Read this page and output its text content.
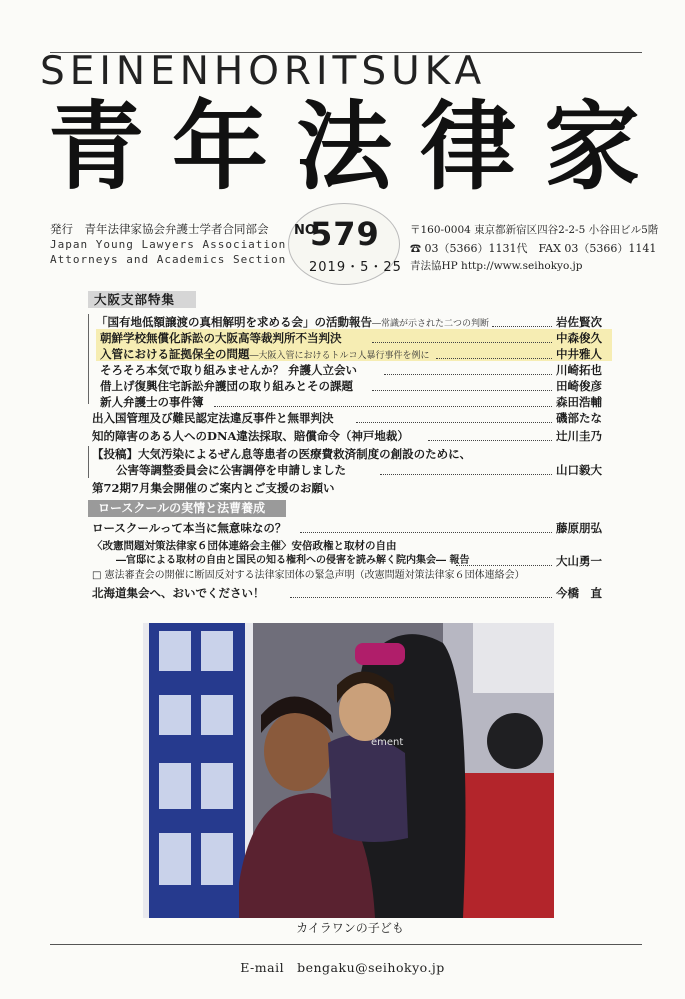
SEINENHORITSUKA
青年法律家
発行　青年法律家協会弁護士学者合同部会
Japan Young Lawyers Association
Attorneys and Academics Section
NO
579
2019・5・25
〒160-0004 東京都新宿区四谷2-2-5 小谷田ビル5階
☎ 03（5366）1131代　FAX 03（5366）1141
青法協HP http://www.seihokyo.jp
大阪支部特集
「国有地低額譲渡の真相解明を求める会」の活動報告―常識が示された二つの判断	岩佐賢次
朝鮮学校無償化訴訟の大阪高等裁判所不当判決	中森俊久
入管における証拠保全の問題―大阪入管におけるトルコ人暴行事件を例に	中井雅人
そろそろ本気で取り組みませんか？ 弁護人立会い	川崎拓也
借上げ復興住宅訴訟弁護団の取り組みとその課題	田崎俊彦
新人弁護士の事件簿	森田浩輔
出入国管理及び難民認定法違反事件と無罪判決	磯部たな
知的障害のある人へのDNA違法採取、賠償命令（神戸地裁）	辻川圭乃
【投稿】大気汚染によるぜん息等患者の医療費救済制度の創設のために、
公害等調整委員会に公害調停を申請しました	山口毅大
第72期7月集会開催のご案内とご支援のお願い
ロースクールの実情と法曹養成
ロースクールって本当に無意味なの？	藤原朋弘
〈改憲問題対策法律家６団体連絡会主催〉安倍政権と取材の自由
―官邸による取材の自由と国民の知る権利への侵害を読み解く院内集会― 報告	大山勇一
□ 憲法審査会の開催に断固反対する法律家団体の緊急声明（改憲問題対策法律家６団体連絡会）
北海道集会へ、おいでください！	今橋　直
ement
カイラワンの子ども
E-mail　bengaku@seihokyo.jp
